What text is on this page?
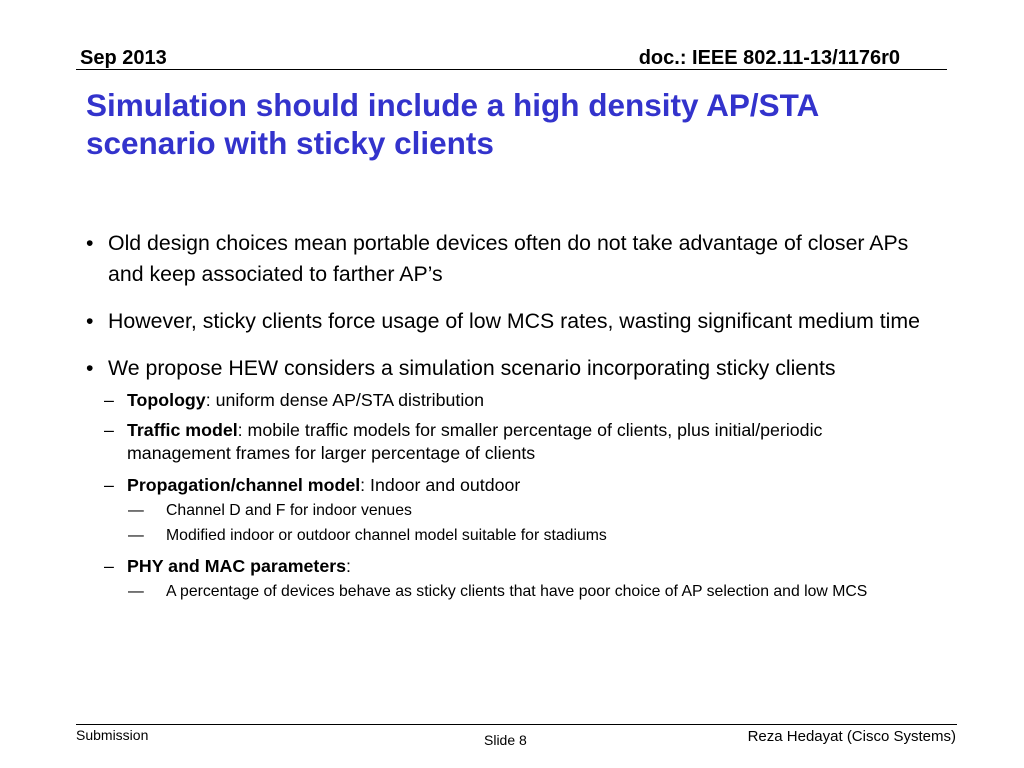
Sep 2013	doc.: IEEE 802.11-13/1176r0
Simulation should include a high density AP/STA scenario with sticky clients
• Old design choices mean portable devices often do not take advantage of closer APs and keep associated to farther AP’s
• However, sticky clients force usage of low MCS rates, wasting significant medium time
• We propose HEW considers a simulation scenario incorporating sticky clients
– Topology: uniform dense AP/STA distribution
– Traffic model: mobile traffic models for smaller percentage of clients, plus initial/periodic management frames for larger percentage of clients
– Propagation/channel model: Indoor and outdoor
—	Channel D and F for indoor venues
—	Modified indoor or outdoor channel model suitable for stadiums
– PHY and MAC parameters:
—	A percentage of devices behave as sticky clients that have poor choice of AP selection and low MCS
Submission	Slide 8	Reza Hedayat (Cisco Systems)
